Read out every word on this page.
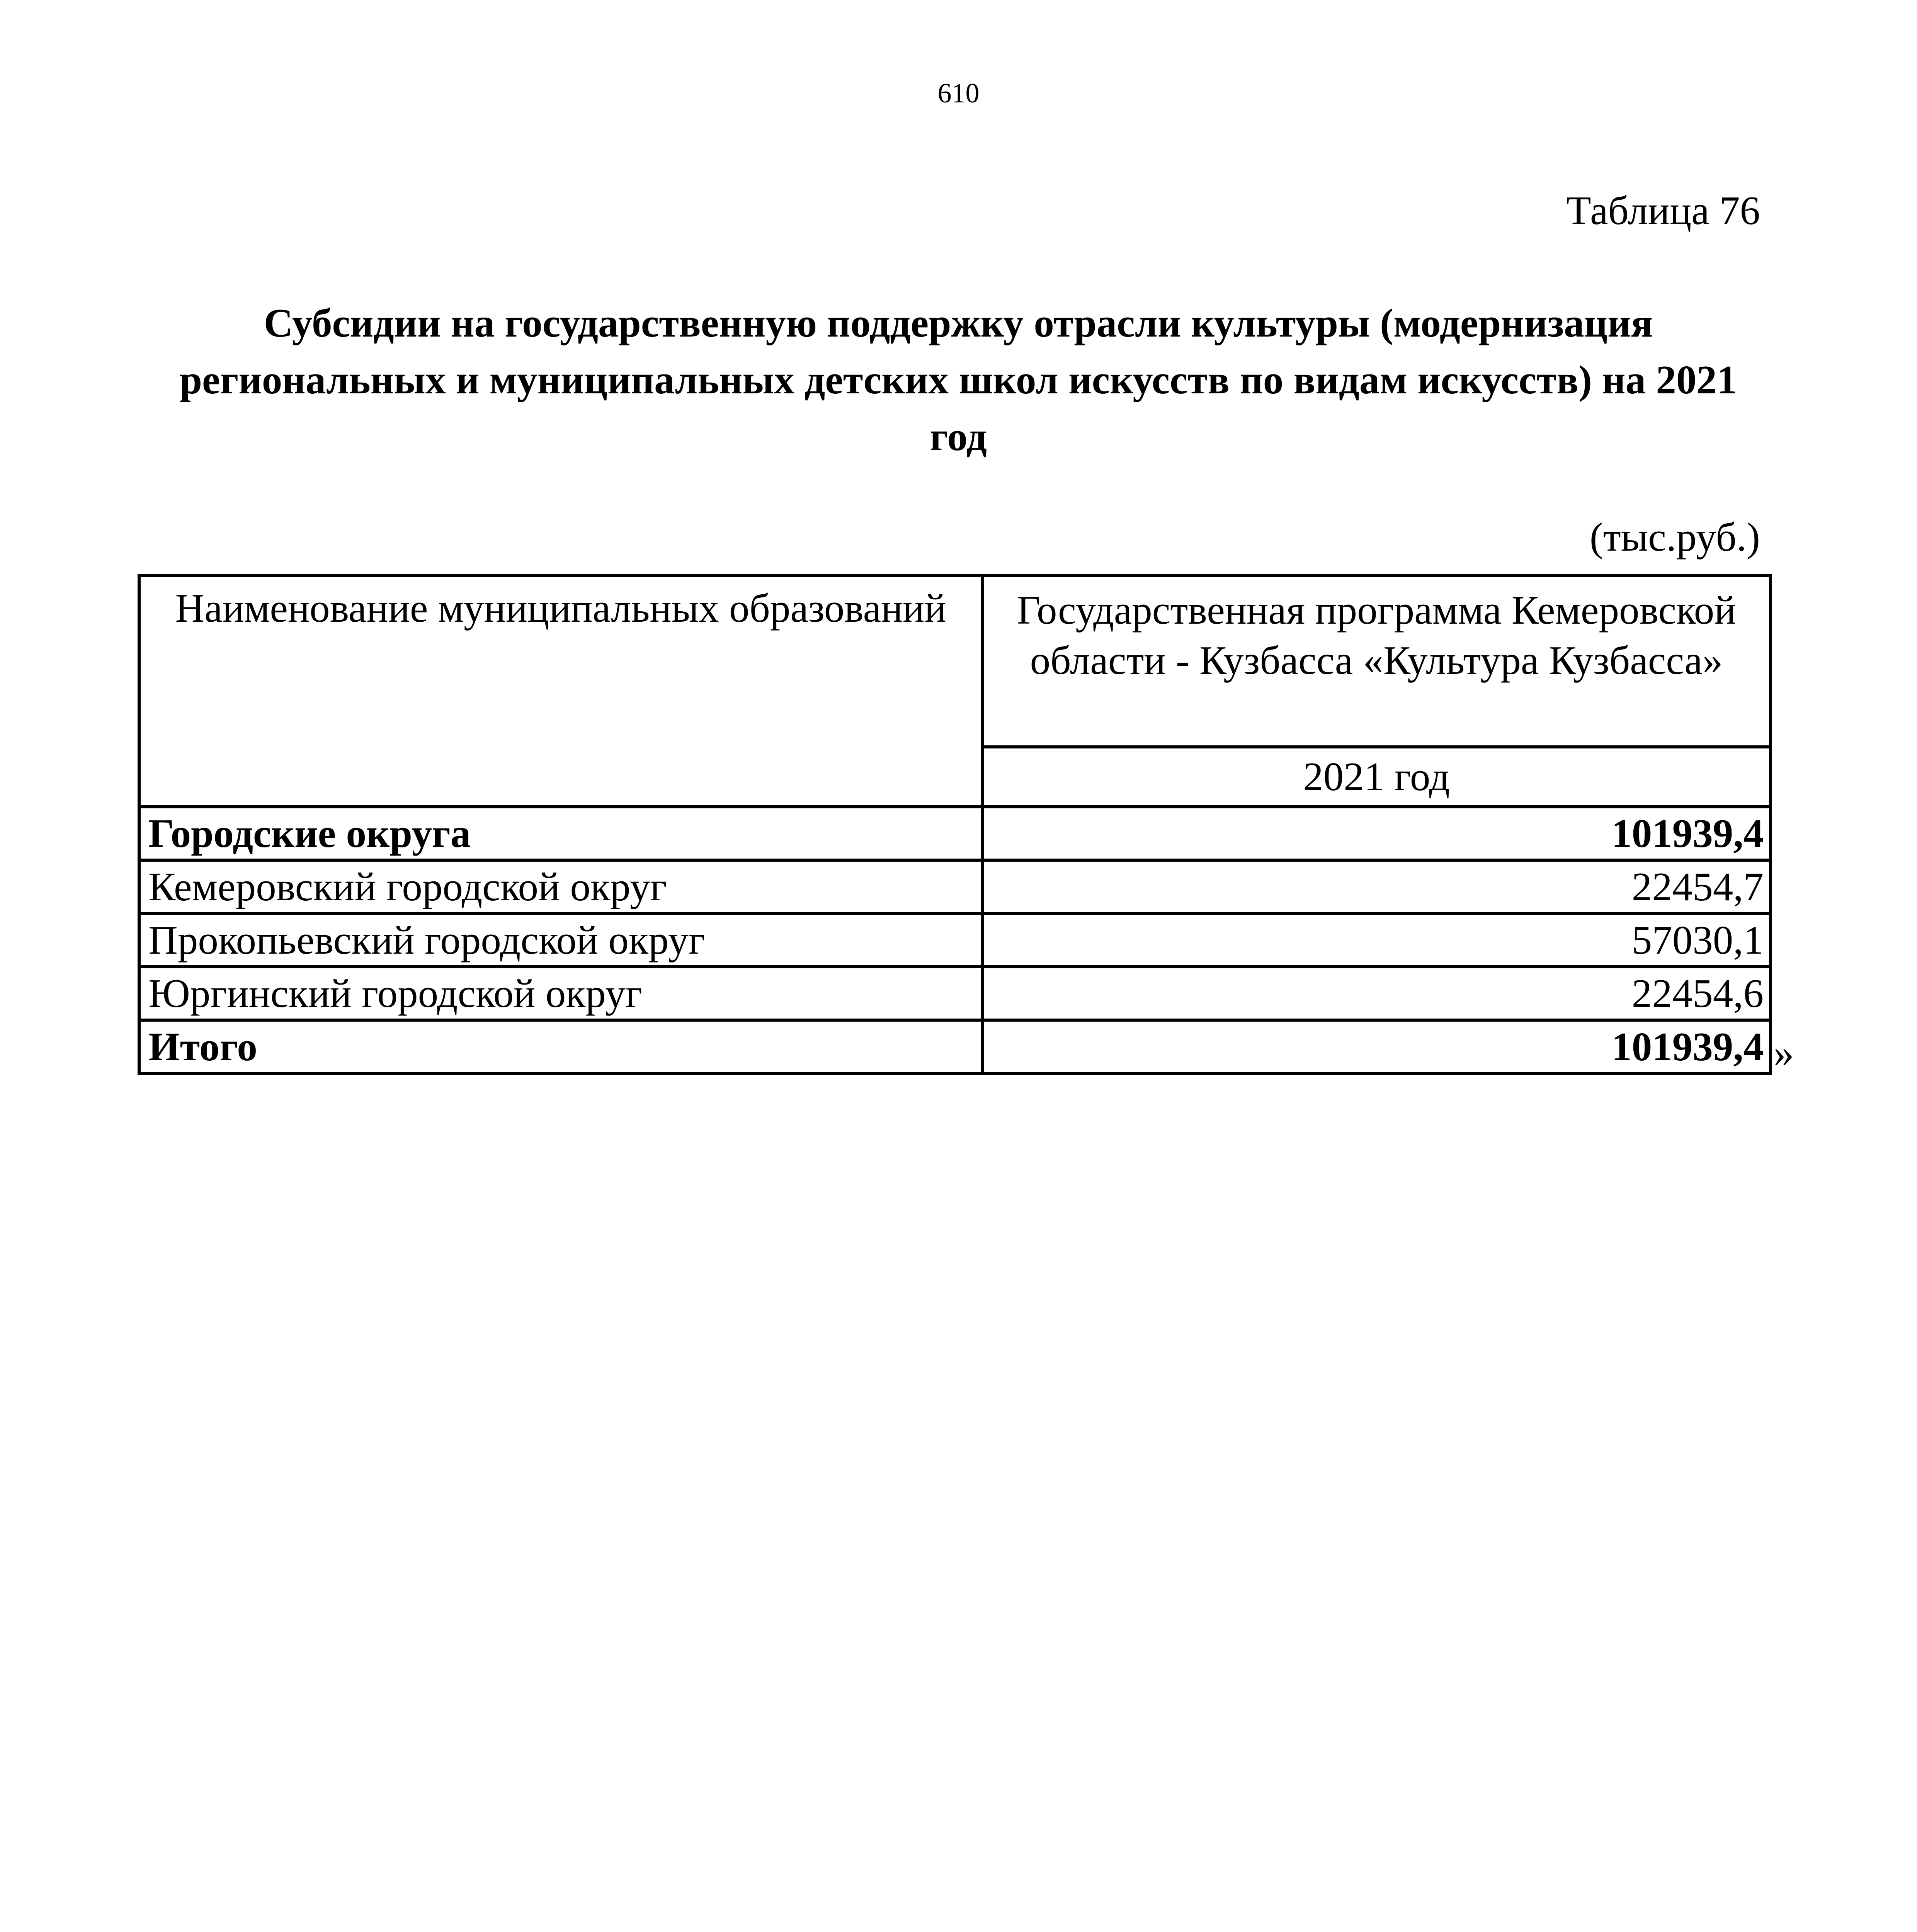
610
Таблица 76
Субсидии на государственную поддержку отрасли культуры (модернизация региональных и муниципальных детских школ искусств по видам искусств) на 2021 год
(тыс.руб.)
Наименование муниципальных образований	Государственная программа Кемеровской области - Кузбасса «Культура Кузбасса»
	2021 год
Городские округа	101939,4
Кемеровский городской округ	22454,7
Прокопьевский городской округ	57030,1
Юргинский городской округ	22454,6
Итого	101939,4 »
